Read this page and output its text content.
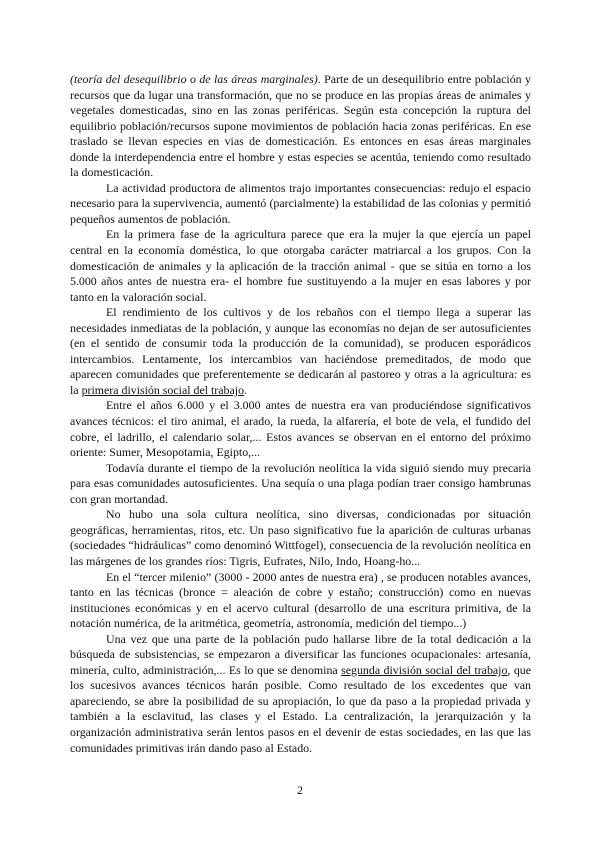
(teoría del desequilibrio o de las áreas marginales). Parte de un desequilibrio entre población y recursos que da lugar una transformación, que no se produce en las propias áreas de animales y vegetales domesticadas, sino en las zonas periféricas. Según esta concepción la ruptura del equilibrio población/recursos supone movimientos de población hacia zonas periféricas. En ese traslado se llevan especies en vias de domesticación. Es entonces en esas áreas marginales donde la interdependencia entre el hombre y estas especies se acentúa, teniendo como resultado la domesticación.

La actividad productora de alimentos trajo importantes consecuencias: redujo el espacio necesario para la supervivencia, aumentó (parcialmente) la estabilidad de las colonias y permitió pequeños aumentos de población.

En la primera fase de la agricultura parece que era la mujer la que ejercía un papel central en la economía doméstica, lo que otorgaba carácter matriarcal a los grupos. Con la domesticación de animales y la aplicación de la tracción animal - que se sitúa en torno a los 5.000 años antes de nuestra era- el hombre fue sustituyendo a la mujer en esas labores y por tanto en la valoración social.

El rendimiento de los cultivos y de los rebaños con el tiempo llega a superar las necesidades inmediatas de la población, y aunque las economías no dejan de ser autosuficientes (en el sentido de consumir toda la producción de la comunidad), se producen esporádicos intercambios. Lentamente, los intercambios van haciéndose premeditados, de modo que aparecen comunidades que preferentemente se dedicarán al pastoreo y otras a la agricultura: es la primera división social del trabajo.

Entre el años 6.000 y el 3.000 antes de nuestra era van produciéndose significativos avances técnicos: el tiro animal, el arado, la rueda, la alfarería, el bote de vela, el fundido del cobre, el ladrillo, el calendario solar,... Estos avances se observan en el entorno del próximo oriente: Sumer, Mesopotamia, Egipto,...

Todavía durante el tiempo de la revolución neolítica la vida siguió siendo muy precaria para esas comunidades autosuficientes. Una sequía o una plaga podían traer consigo hambrunas con gran mortandad.

No hubo una sola cultura neolítica, sino diversas, condicionadas por situación geográficas, herramientas, ritos, etc. Un paso significativo fue la aparición de culturas urbanas (sociedades “hidráulicas” como denominó Wittfogel), consecuencia de la revolución neolítica en las márgenes de los grandes ríos: Tigris, Eufrates, Nilo, Indo, Hoang-ho...

En el “tercer milenio” (3000 - 2000 antes de nuestra era) , se producen notables avances, tanto en las técnicas (bronce = aleación de cobre y estaño; construcción) como en nuevas instituciones económicas y en el acervo cultural (desarrollo de una escritura primitiva, de la notación numérica, de la aritmética, geometría, astronomía, medición del tiempo...)

Una vez que una parte de la población pudo hallarse libre de la total dedicación a la búsqueda de subsistencias, se empezaron a diversificar las funciones ocupacionales: artesanía, minería, culto, administración,... Es lo que se denomina segunda división social del trabajo, que los sucesivos avances técnicos harán posible. Como resultado de los excedentes que van apareciendo, se abre la posibilidad de su apropiación, lo que da paso a la propiedad privada y también a la esclavitud, las clases y el Estado. La centralización, la jerarquización y la organización administrativa serán lentos pasos en el devenir de estas sociedades, en las que las comunidades primitivas irán dando paso al Estado.

2
